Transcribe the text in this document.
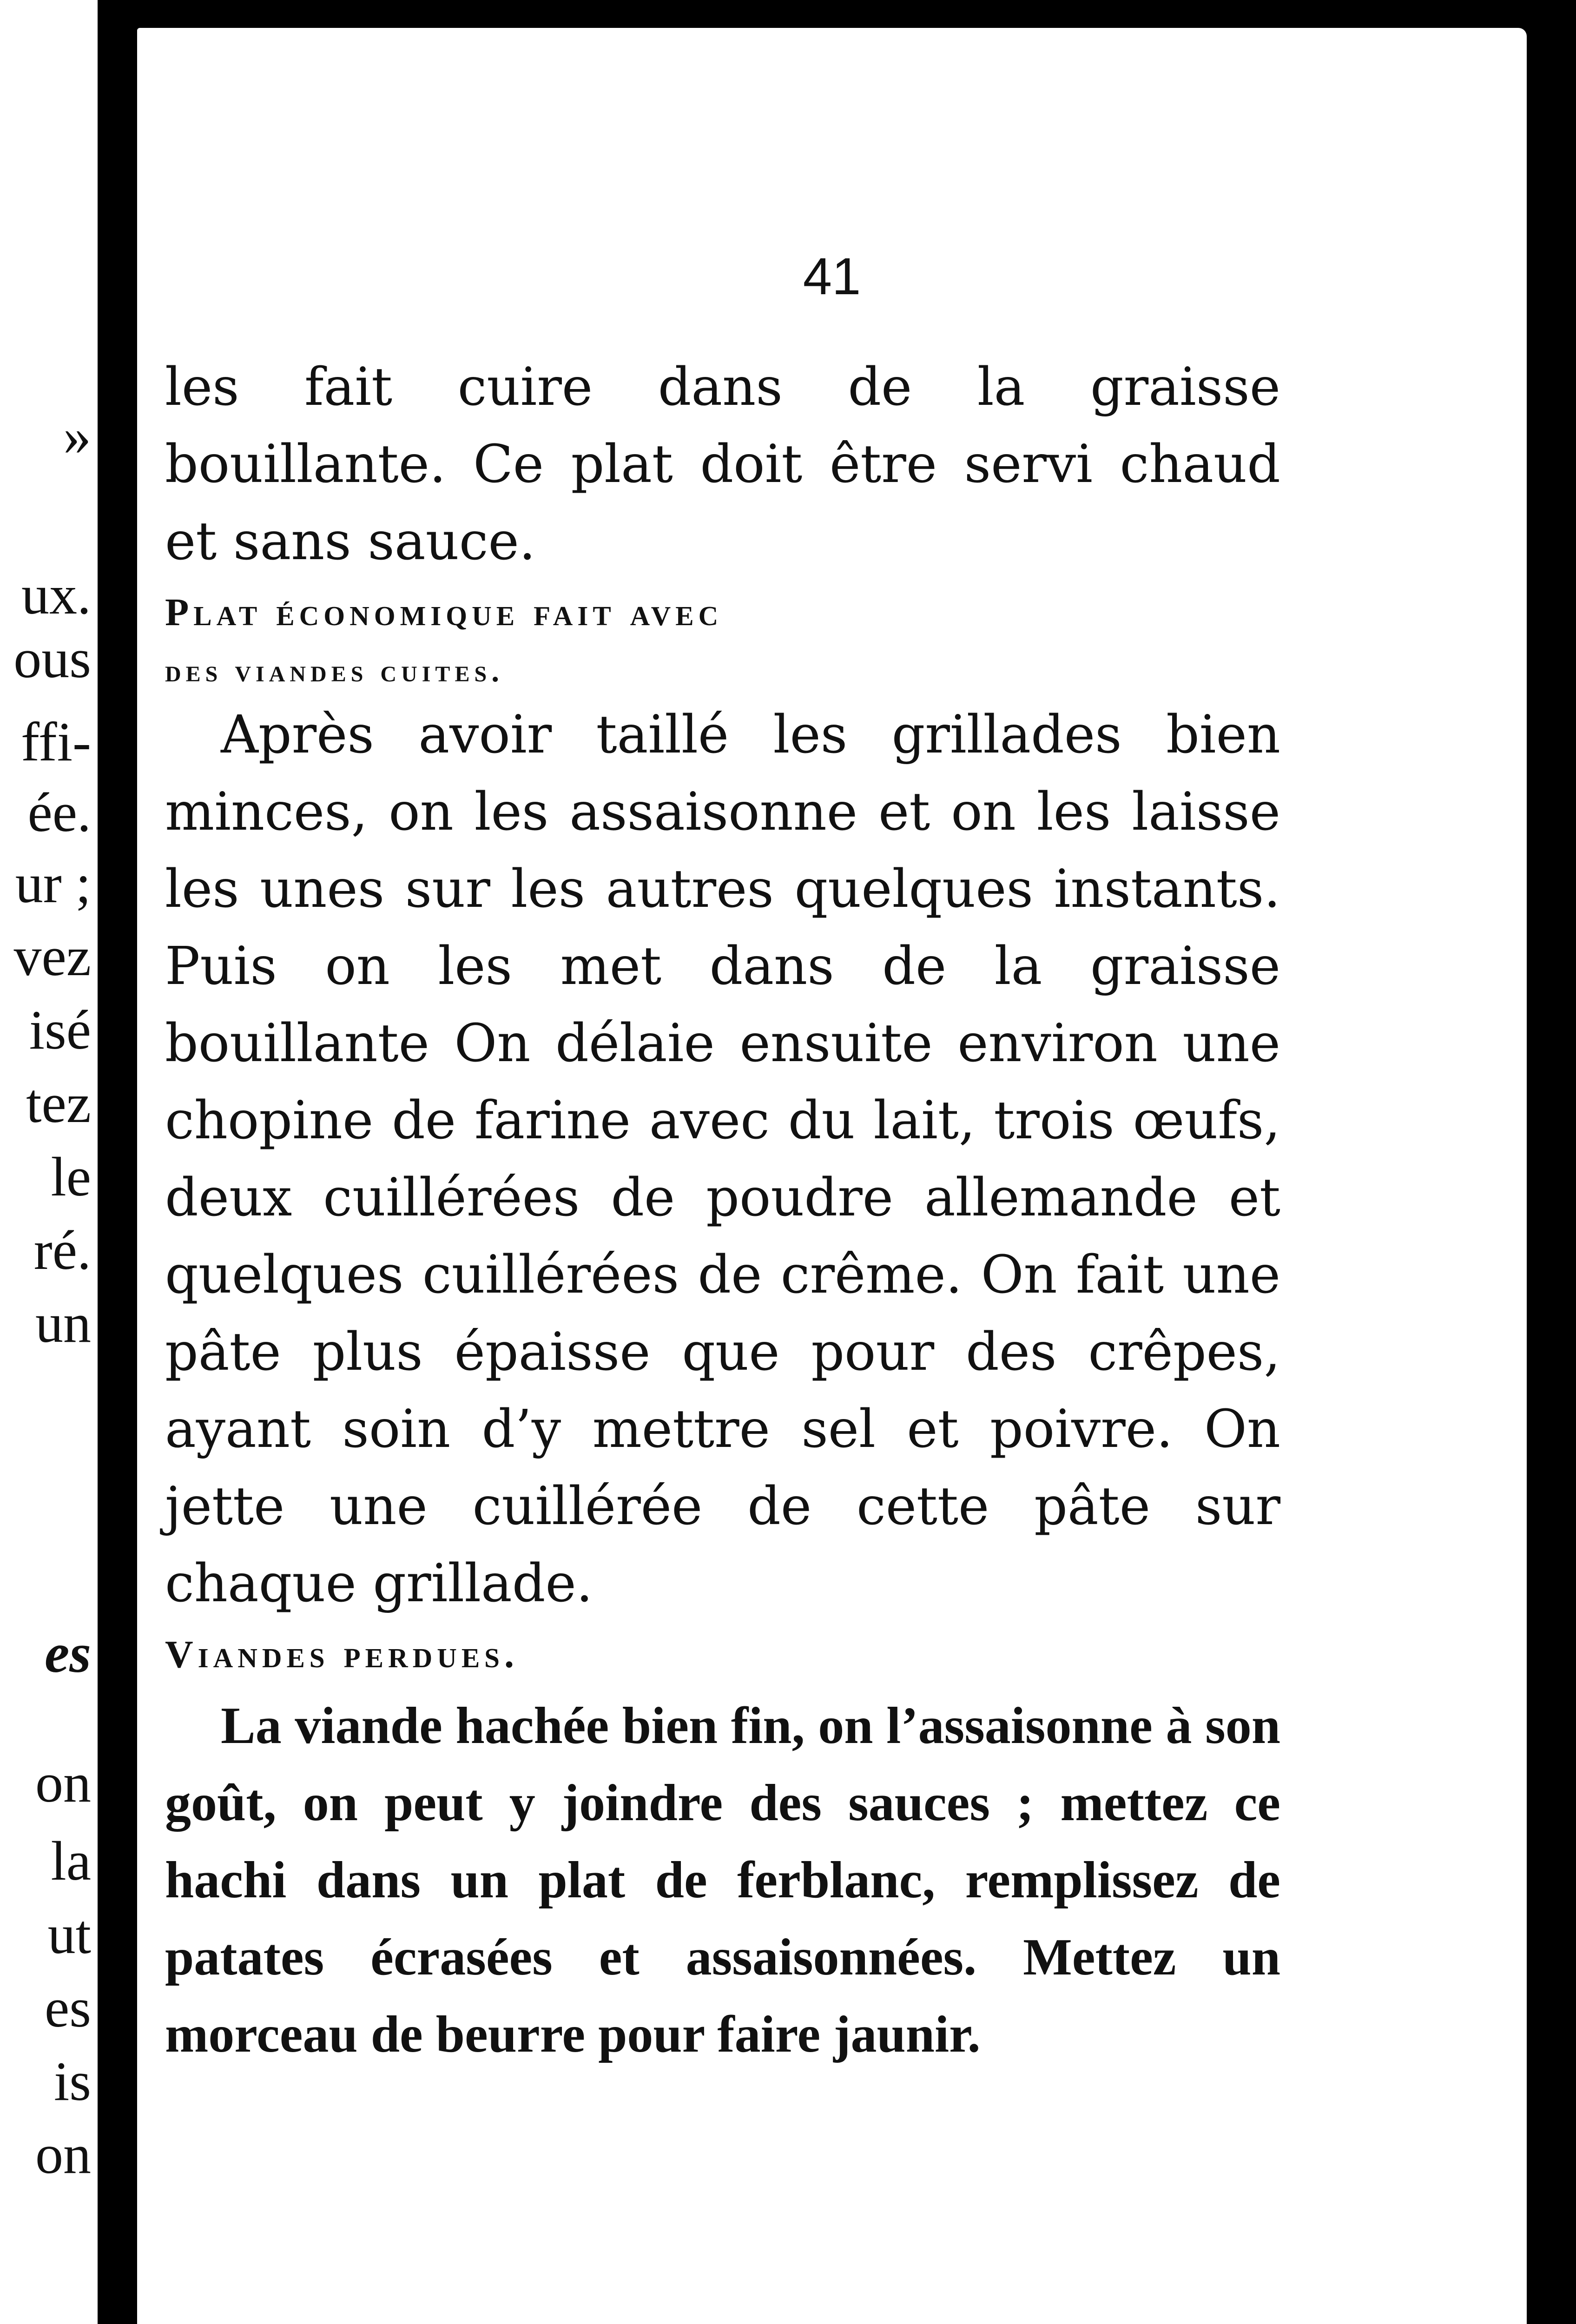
»
ux.
ous
ffi-
ée.
ur ;
vez
isé
tez
le
ré.
un
es
on
la
ut
es
is
on

41

les fait cuire dans de la graisse bouillante. Ce plat doit être servi chaud et sans sauce.

Plat économique fait avec

des viandes cuites.

Après avoir taillé les grillades bien minces, on les assaisonne et on les laisse les unes sur les autres quelques instants. Puis on les met dans de la graisse bouillante On délaie ensuite environ une chopine de farine avec du lait, trois œufs, deux cuillérées de poudre allemande et quelques cuillérées de crême. On fait une pâte plus épaisse que pour des crêpes, ayant soin d’y mettre sel et poivre. On jette une cuillérée de cette pâte sur chaque grillade.

Viandes perdues.

La viande hachée bien fin, on l’assaisonne à son goût, on peut y joindre des sauces ; mettez ce hachi dans un plat de ferblanc, remplissez de patates écrasées et assaisonnées. Mettez un morceau de beurre pour faire jaunir.
